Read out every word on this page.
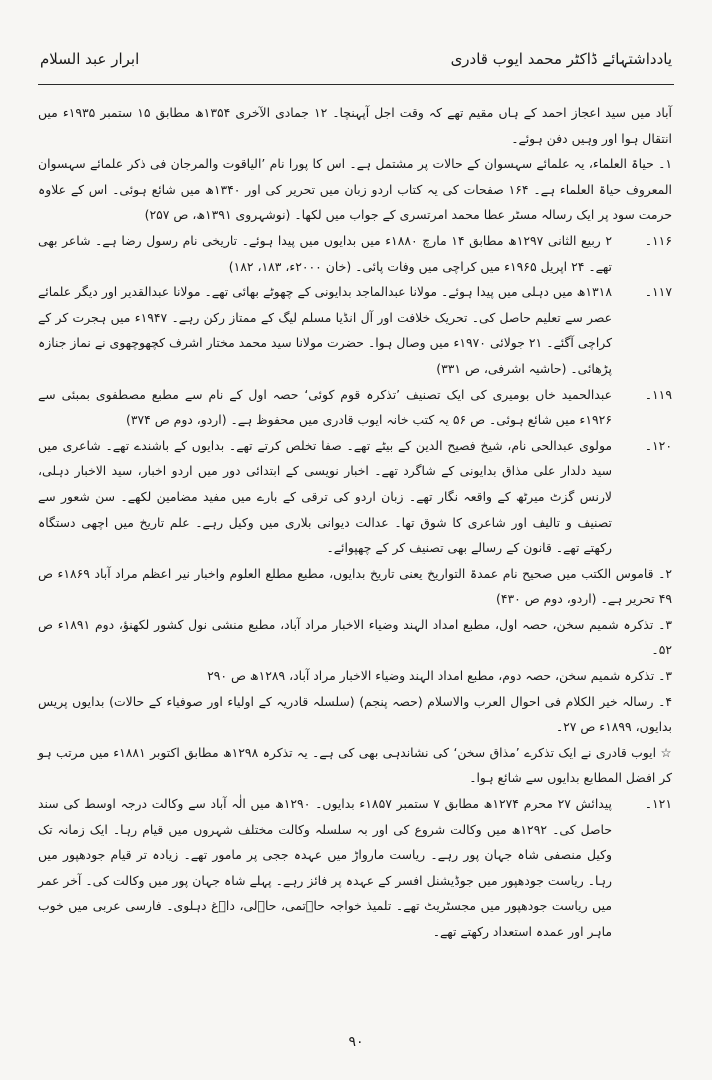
یادداشتہائے ڈاکٹر محمد ایوب قادری
ابرار عبد السلام

آباد میں سید اعجاز احمد کے ہاں مقیم تھے کہ وقت اجل آپہنچا۔ ۱۲ جمادی الآخری ۱۳۵۴ھ مطابق ۱۵ ستمبر ۱۹۳۵ء میں انتقال ہوا اور وہیں دفن ہوئے۔

۱۔ حیاۃ العلماء، یہ علمائے سہسوان کے حالات پر مشتمل ہے۔ اس کا پورا نام ’الیاقوت والمرجان فی ذکر علمائے سہسوان المعروف حیاۃ العلماء ہے۔ ۱۶۴ صفحات کی یہ کتاب اردو زبان میں تحریر کی اور ۱۳۴۰ھ میں شائع ہوئی۔ اس کے علاوہ حرمت سود پر ایک رسالہ مسٹر عطا محمد امرتسری کے جواب میں لکھا۔ (نوشہروی ۱۳۹۱ھ، ص ۲۵۷)

۱۱۶۔

۲ ربیع الثانی ۱۲۹۷ھ مطابق ۱۴ مارچ ۱۸۸۰ء میں بدایوں میں پیدا ہوئے۔ تاریخی نام رسول رضا ہے۔ شاعر بھی تھے۔ ۲۴ اپریل ۱۹۶۵ء میں کراچی میں وفات پائی۔ (خان ۲۰۰۰ء، ۱۸۳، ۱۸۲)

۱۱۷۔

۱۳۱۸ھ میں دہلی میں پیدا ہوئے۔ مولانا عبدالماجد بدایونی کے چھوٹے بھائی تھے۔ مولانا عبدالقدیر اور دیگر علمائے عصر سے تعلیم حاصل کی۔ تحریک خلافت اور آل انڈیا مسلم لیگ کے ممتاز رکن رہے۔ ۱۹۴۷ء میں ہجرت کر کے کراچی آگئے۔ ۲۱ جولائی ۱۹۷۰ء میں وصال ہوا۔ حضرت مولانا سید محمد مختار اشرف کچھوچھوی نے نماز جنازہ پڑھائی۔ (حاشیہ اشرفی، ص ۳۳۱)

۱۱۹۔

عبدالحمید خاں بومیری کی ایک تصنیف ’تذکرہ قوم کوئی‘ حصہ اول کے نام سے مطبع مصطفوی بمبئی سے ۱۹۲۶ء میں شائع ہوئی۔ ص ۵۶ یہ کتب خانہ ایوب قادری میں محفوظ ہے۔ (اردو، دوم ص ۳۷۴)

۱۲۰۔

مولوی عبدالحی نام، شیخ فصیح الدین کے بیٹے تھے۔ صفا تخلص کرتے تھے۔ بدایوں کے باشندے تھے۔ شاعری میں سید دلدار علی مذاق بدایونی کے شاگرد تھے۔ اخبار نویسی کے ابتدائی دور میں اردو اخبار، سید الاخبار دہلی، لارنس گزٹ میرٹھ کے واقعہ نگار تھے۔ زبان اردو کی ترقی کے بارے میں مفید مضامین لکھے۔ سن شعور سے تصنیف و تالیف اور شاعری کا شوق تھا۔ عدالت دیوانی بلاری میں وکیل رہے۔ علم تاریخ میں اچھی دستگاہ رکھتے تھے۔ قانون کے رسالے بھی تصنیف کر کے چھپوائے۔

۲۔ قاموس الکتب میں صحیح نام عمدۃ التواریخ یعنی تاریخ بدایوں، مطبع مطلع العلوم واخبار نیر اعظم مراد آباد ۱۸۶۹ء ص ۴۹ تحریر ہے۔ (اردو، دوم ص ۴۳۰)

۳۔ تذکرہ شمیم سخن، حصہ اول، مطبع امداد الہند وضیاء الاخبار مراد آباد، مطبع منشی نول کشور لکھنؤ، دوم ۱۸۹۱ء ص ۵۲۔

۳۔ تذکرہ شمیم سخن، حصہ دوم، مطبع امداد الہند وضیاء الاخبار مراد آباد، ۱۲۸۹ھ ص ۲۹۰

۴۔ رسالہ خیر الکلام فی احوال العرب والاسلام (حصہ پنجم) (سلسلہ قادریہ کے اولیاء اور صوفیاء کے حالات) بدایوں پریس بدایوں، ۱۸۹۹ء ص ۲۷۔

☆ ایوب قادری نے ایک تذکرے ’مذاق سخن‘ کی نشاندہی بھی کی ہے۔ یہ تذکرہ ۱۲۹۸ھ مطابق اکتوبر ۱۸۸۱ء میں مرتب ہو کر افضل المطابع بدایوں سے شائع ہوا۔

۱۲۱۔

پیدائش ۲۷ محرم ۱۲۷۴ھ مطابق ۷ ستمبر ۱۸۵۷ء بدایوں۔ ۱۲۹۰ھ میں الٰہ آباد سے وکالت درجہ اوسط کی سند حاصل کی۔ ۱۲۹۲ھ میں وکالت شروع کی اور بہ سلسلہ وکالت مختلف شہروں میں قیام رہا۔ ایک زمانہ تک وکیل منصفی شاہ جہان پور رہے۔ ریاست مارواڑ میں عہدہ ججی پر مامور تھے۔ زیادہ تر قیام جودھپور میں رہا۔ ریاست جودھپور میں جوڈیشنل افسر کے عہدہ پر فائز رہے۔ پہلے شاہ جہان پور میں وکالت کی۔ آخر عمر میں ریاست جودھپور میں مجسٹریٹ تھے۔ تلمیذ خواجہ حاؔتمی، حاؔلی، داؔغ دہلوی۔ فارسی عربی میں خوب ماہر اور عمدہ استعداد رکھتے تھے۔

۹۰
